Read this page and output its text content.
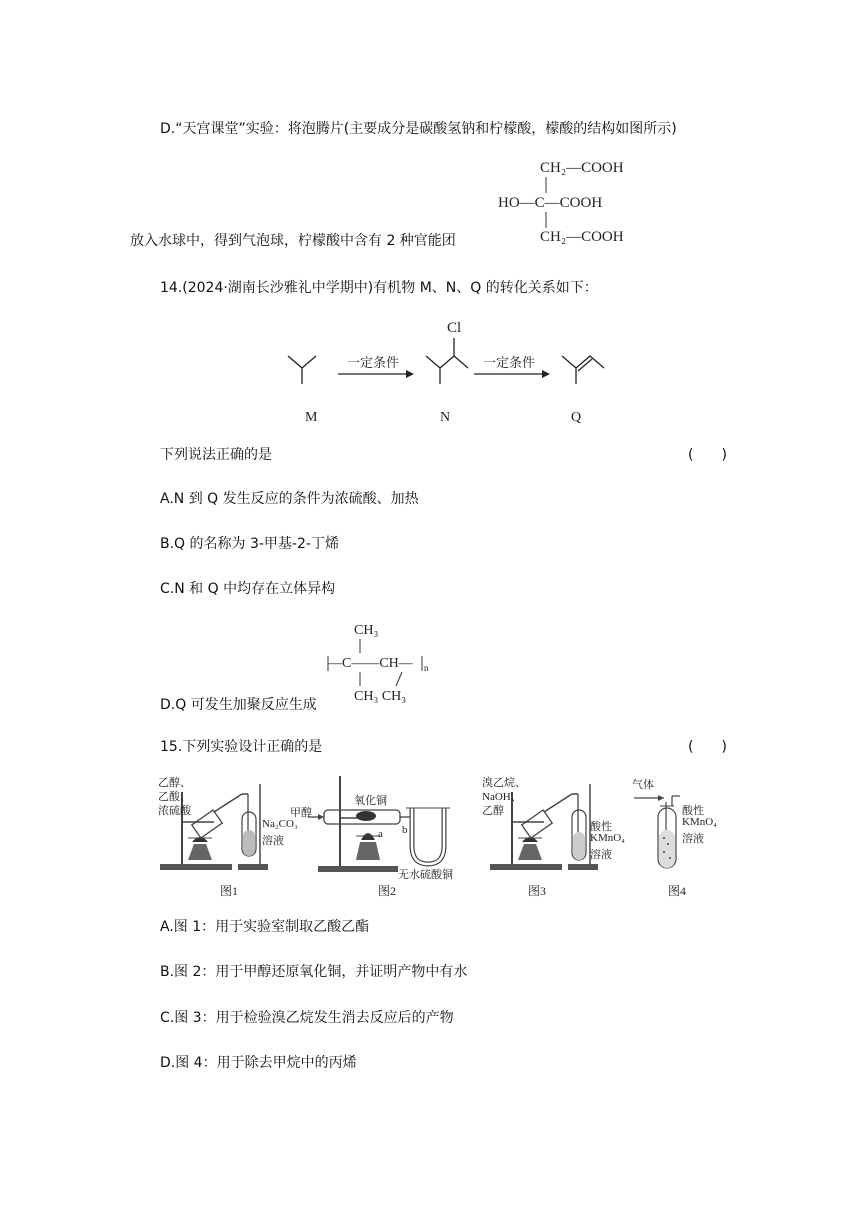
D.“天宫课堂”实验：将泡腾片(主要成分是碳酸氢钠和柠檬酸，檬酸的结构如图所示)
CH₂—COOH
HO—C—COOH
CH₂—COOH
放入水球中，得到气泡球，柠檬酸中含有 2 种官能团
14.(2024·湖南长沙雅礼中学期中)有机物 M、N、Q 的转化关系如下：
一定条件
Cl
一定条件
M	N	Q
下列说法正确的是	(　　)
A.N 到 Q 发生反应的条件为浓硫酸、加热
B.Q 的名称为 3-甲基-2-丁烯
C.N 和 Q 中均存在立体异构
CH₃
—C——CH— n
CH₃ CH₃
D.Q 可发生加聚反应生成
15.下列实验设计正确的是	(　　)
乙醇、
乙酸、
浓硫酸
Na₂CO₃
溶液
图1
甲醇
氧化铜
a b
无水硫酸铜
图2
溴乙烷、
NaOH、
乙醇
酸性
KMnO₄
溶液
图3
气体
酸性
KMnO₄
溶液
图4
A.图 1：用于实验室制取乙酸乙酯
B.图 2：用于甲醇还原氧化铜，并证明产物中有水
C.图 3：用于检验溴乙烷发生消去反应后的产物
D.图 4：用于除去甲烷中的丙烯
